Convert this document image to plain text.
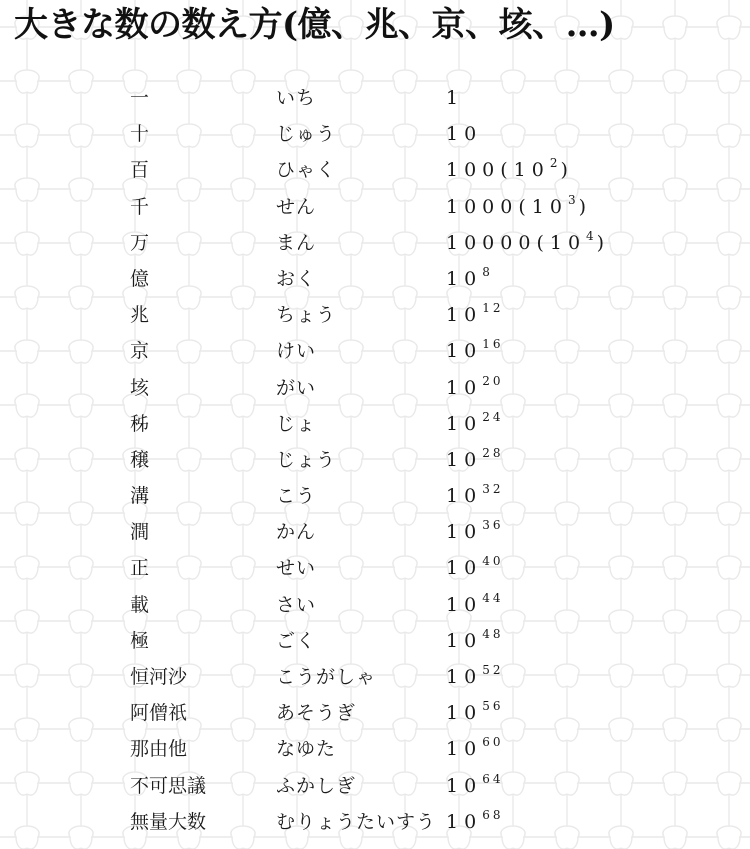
大きな数の数え方(億、兆、京、垓、…)
一	いち	1
十	じゅう	10
百	ひゃく	$100(10^2)$
千	せん	$1000(10^3)$
万	まん	$10000(10^4)$
億	おく	$10^8$
兆	ちょう	$10^{12}$
京	けい	$10^{16}$
垓	がい	$10^{20}$
秭	じょ	$10^{24}$
穣	じょう	$10^{28}$
溝	こう	$10^{32}$
澗	かん	$10^{36}$
正	せい	$10^{40}$
載	さい	$10^{44}$
極	ごく	$10^{48}$
恒河沙	こうがしゃ	$10^{52}$
阿僧祇	あそうぎ	$10^{56}$
那由他	なゆた	$10^{60}$
不可思議	ふかしぎ	$10^{64}$
無量大数	むりょうたいすう $10^{68}$
